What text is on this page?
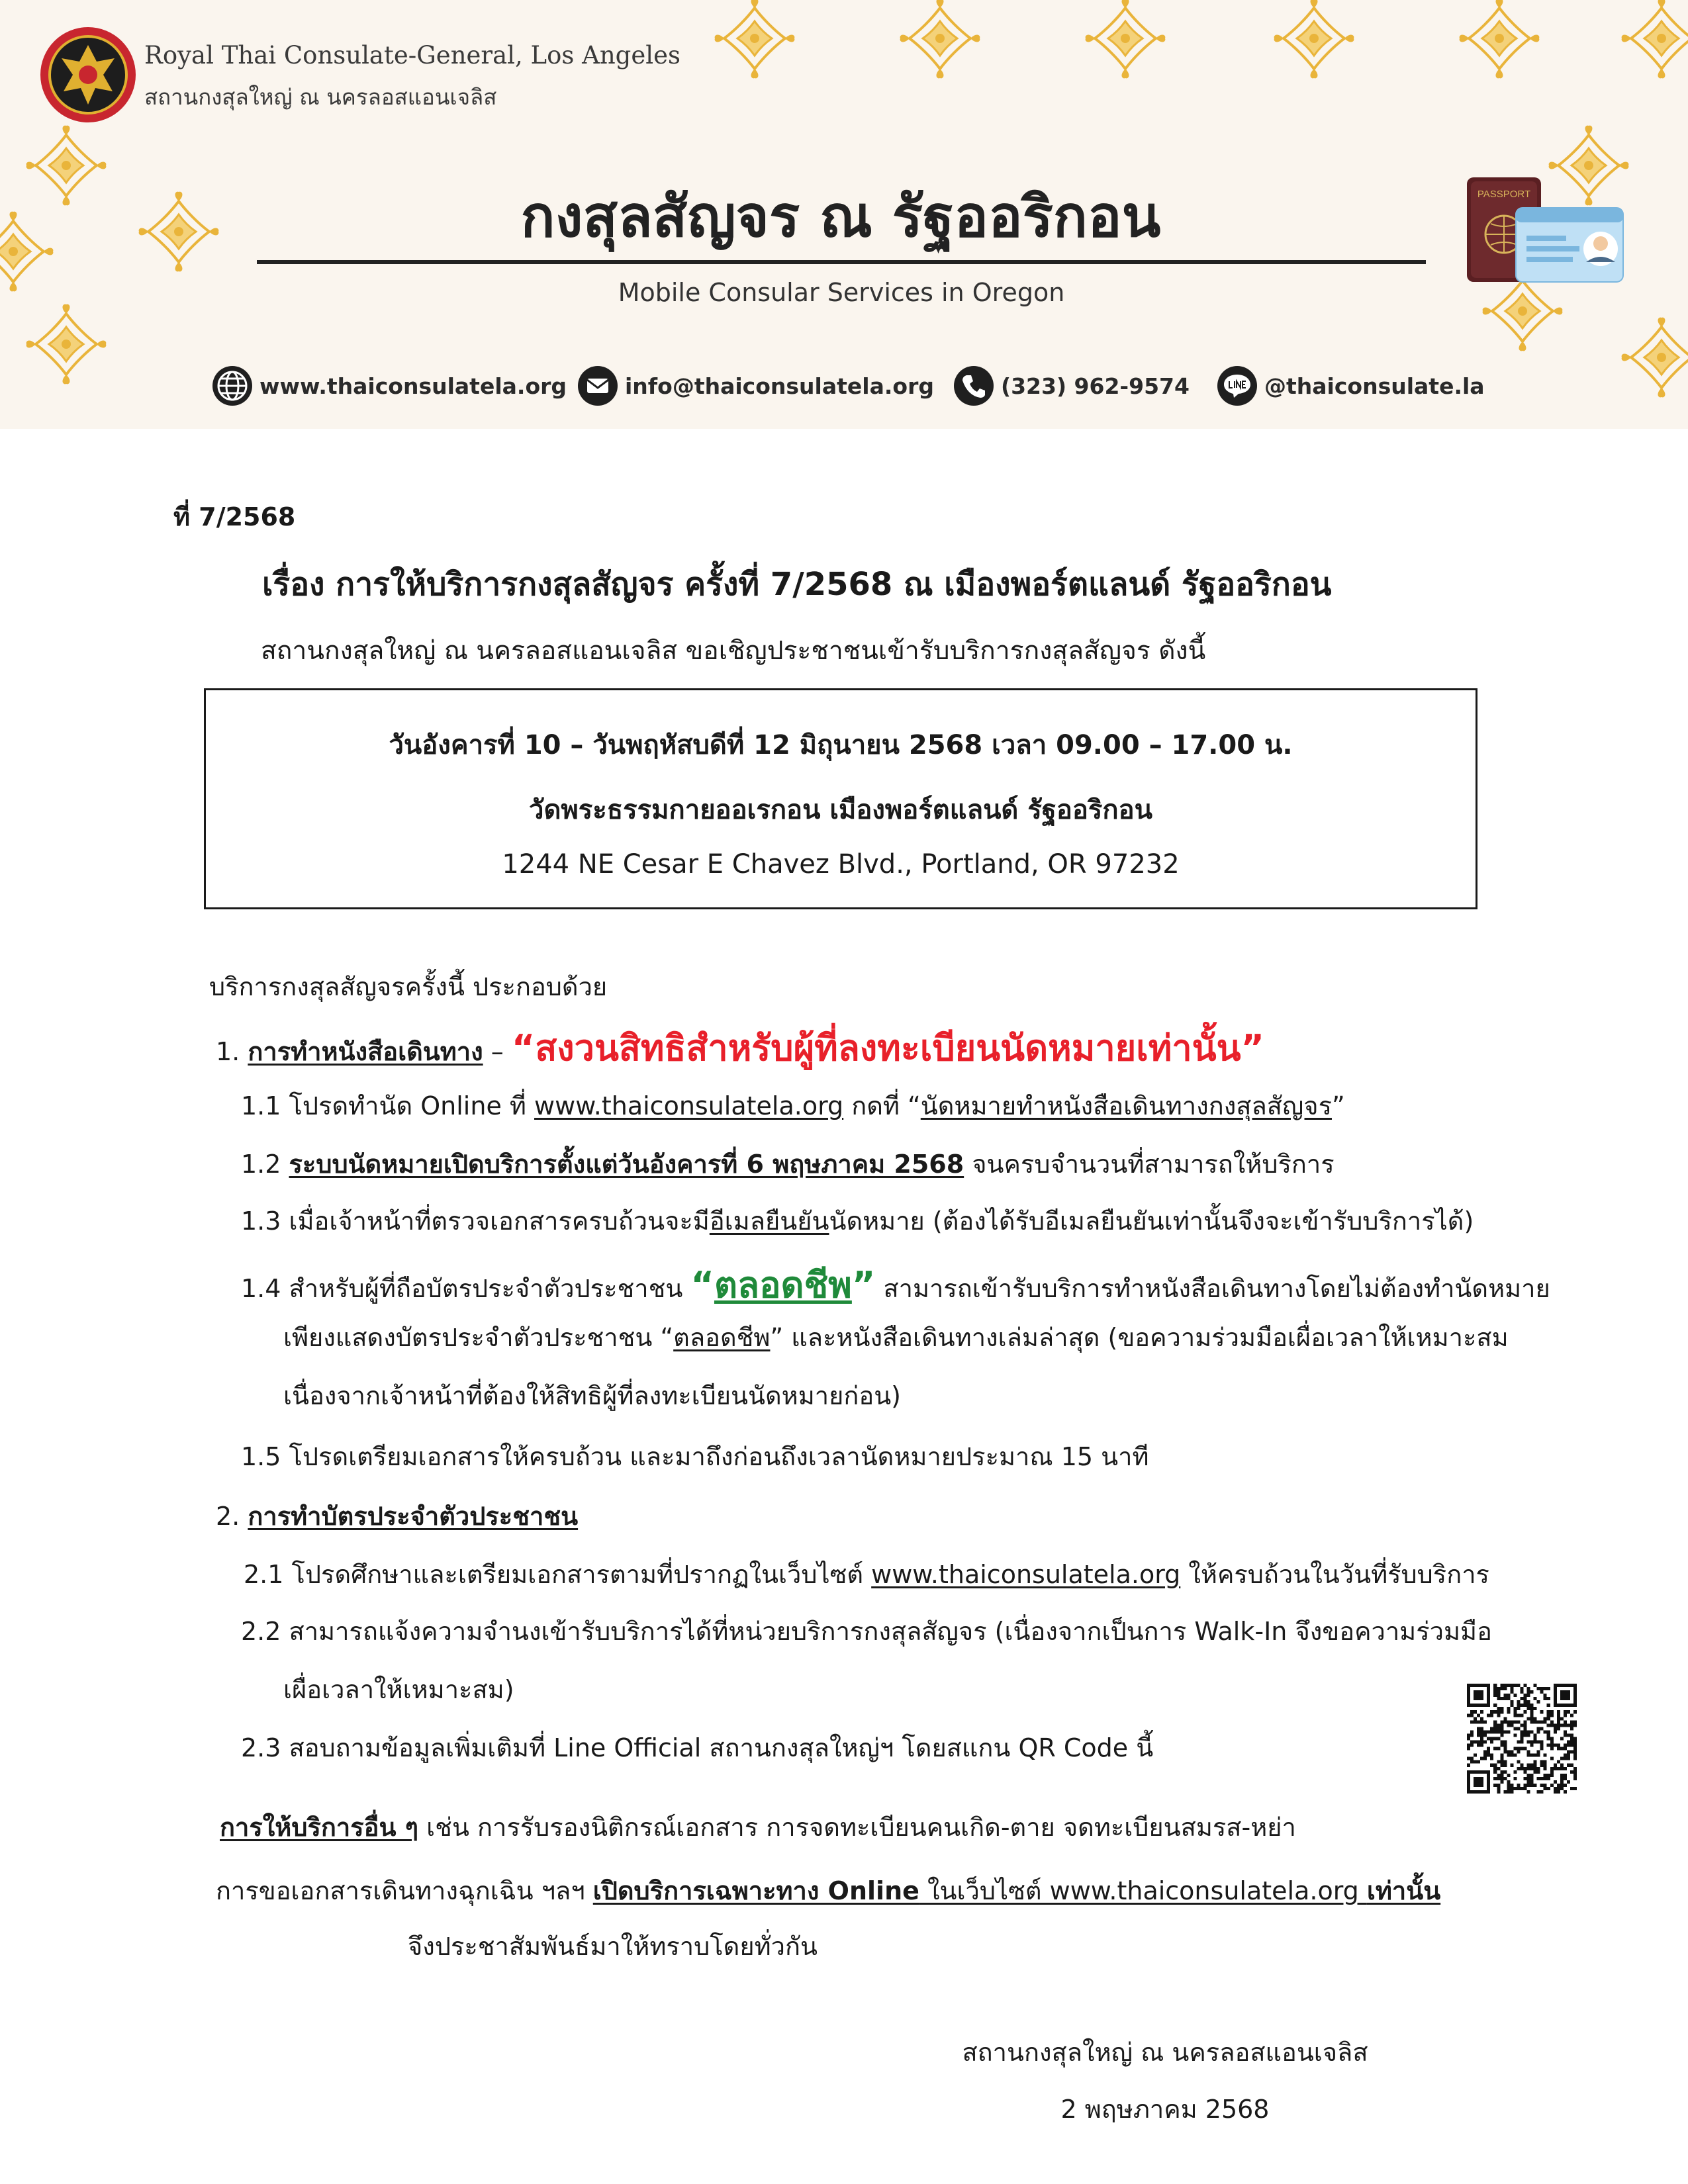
Royal Thai Consulate-General, Los Angeles
สถานกงสุลใหญ่ ณ นครลอสแอนเจลิส
กงสุลสัญจร ณ รัฐออริกอน
Mobile Consular Services in Oregon
PASSPORT
www.thaiconsulatela.org	info@thaiconsulatela.org	(323) 962-9574	@thaiconsulate.la
ที่ 7/2568
เรื่อง การให้บริการกงสุลสัญจร ครั้งที่ 7/2568 ณ เมืองพอร์ตแลนด์ รัฐออริกอน
สถานกงสุลใหญ่ ณ นครลอสแอนเจลิส ขอเชิญประชาชนเข้ารับบริการกงสุลสัญจร ดังนี้
วันอังคารที่ 10 – วันพฤหัสบดีที่ 12 มิถุนายน 2568 เวลา 09.00 – 17.00 น.
วัดพระธรรมกายออเรกอน เมืองพอร์ตแลนด์ รัฐออริกอน
1244 NE Cesar E Chavez Blvd., Portland, OR 97232
บริการกงสุลสัญจรครั้งนี้ ประกอบด้วย
1. การทำหนังสือเดินทาง – “สงวนสิทธิสำหรับผู้ที่ลงทะเบียนนัดหมายเท่านั้น”
1.1 โปรดทำนัด Online ที่ www.thaiconsulatela.org กดที่ “นัดหมายทำหนังสือเดินทางกงสุลสัญจร”
1.2 ระบบนัดหมายเปิดบริการตั้งแต่วันอังคารที่ 6 พฤษภาคม 2568 จนครบจำนวนที่สามารถให้บริการ
1.3 เมื่อเจ้าหน้าที่ตรวจเอกสารครบถ้วนจะมีอีเมลยืนยันนัดหมาย (ต้องได้รับอีเมลยืนยันเท่านั้นจึงจะเข้ารับบริการได้)
1.4 สำหรับผู้ที่ถือบัตรประจำตัวประชาชน “ตลอดชีพ” สามารถเข้ารับบริการทำหนังสือเดินทางโดยไม่ต้องทำนัดหมาย
เพียงแสดงบัตรประจำตัวประชาชน “ตลอดชีพ” และหนังสือเดินทางเล่มล่าสุด (ขอความร่วมมือเผื่อเวลาให้เหมาะสม
เนื่องจากเจ้าหน้าที่ต้องให้สิทธิผู้ที่ลงทะเบียนนัดหมายก่อน)
1.5 โปรดเตรียมเอกสารให้ครบถ้วน และมาถึงก่อนถึงเวลานัดหมายประมาณ 15 นาที
2. การทำบัตรประจำตัวประชาชน
2.1 โปรดศึกษาและเตรียมเอกสารตามที่ปรากฏในเว็บไซต์ www.thaiconsulatela.org ให้ครบถ้วนในวันที่รับบริการ
2.2 สามารถแจ้งความจำนงเข้ารับบริการได้ที่หน่วยบริการกงสุลสัญจร (เนื่องจากเป็นการ Walk-In จึงขอความร่วมมือ
เผื่อเวลาให้เหมาะสม)
2.3 สอบถามข้อมูลเพิ่มเติมที่ Line Official สถานกงสุลใหญ่ฯ โดยสแกน QR Code นี้
การให้บริการอื่น ๆ เช่น การรับรองนิติกรณ์เอกสาร การจดทะเบียนคนเกิด-ตาย จดทะเบียนสมรส-หย่า
การขอเอกสารเดินทางฉุกเฉิน ฯลฯ เปิดบริการเฉพาะทาง Online ในเว็บไซต์ www.thaiconsulatela.org เท่านั้น
จึงประชาสัมพันธ์มาให้ทราบโดยทั่วกัน
สถานกงสุลใหญ่ ณ นครลอสแอนเจลิส
2 พฤษภาคม 2568
